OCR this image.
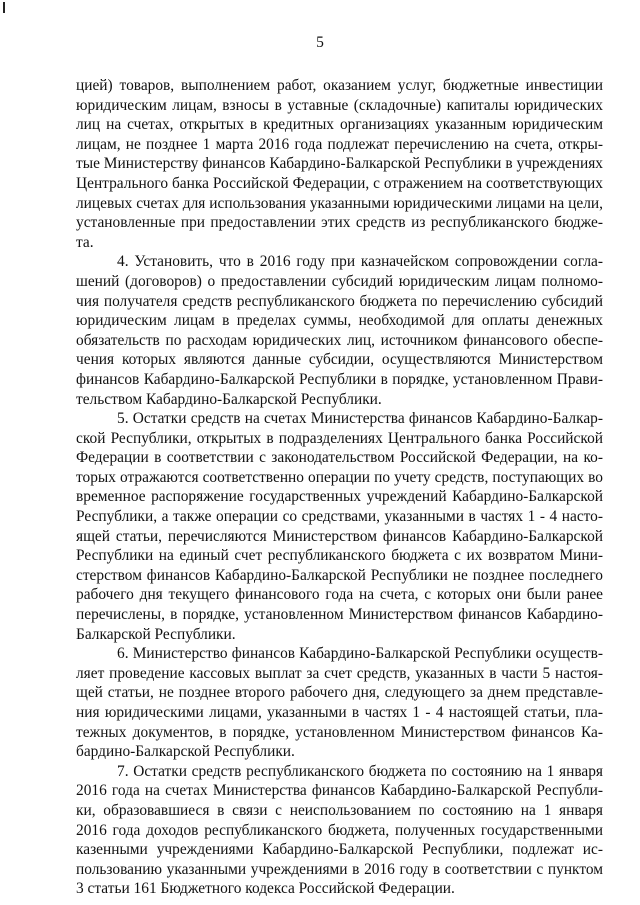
5
цией) товаров, выполнением работ, оказанием услуг, бюджетные инвестиции
юридическим лицам, взносы в уставные (складочные) капиталы юридических
лиц на счетах, открытых в кредитных организациях указанным юридическим
лицам, не позднее 1 марта 2016 года подлежат перечислению на счета, откры-
тые Министерству финансов Кабардино-Балкарской Республики в учреждениях
Центрального банка Российской Федерации, с отражением на соответствующих
лицевых счетах для использования указанными юридическими лицами на цели,
установленные при предоставлении этих средств из республиканского бюдже-
та.
4. Установить, что в 2016 году при казначейском сопровождении согла-
шений (договоров) о предоставлении субсидий юридическим лицам полномо-
чия получателя средств республиканского бюджета по перечислению субсидий
юридическим лицам в пределах суммы, необходимой для оплаты денежных
обязательств по расходам юридических лиц, источником финансового обеспе-
чения которых являются данные субсидии, осуществляются Министерством
финансов Кабардино-Балкарской Республики в порядке, установленном Прави-
тельством Кабардино-Балкарской Республики.
5. Остатки средств на счетах Министерства финансов Кабардино-Балкар-
ской Республики, открытых в подразделениях Центрального банка Российской
Федерации в соответствии с законодательством Российской Федерации, на ко-
торых отражаются соответственно операции по учету средств, поступающих во
временное распоряжение государственных учреждений Кабардино-Балкарской
Республики, а также операции со средствами, указанными в частях 1 - 4 насто-
ящей статьи, перечисляются Министерством финансов Кабардино-Балкарской
Республики на единый счет республиканского бюджета с их возвратом Мини-
стерством финансов Кабардино-Балкарской Республики не позднее последнего
рабочего дня текущего финансового года на счета, с которых они были ранее
перечислены, в порядке, установленном Министерством финансов Кабардино-
Балкарской Республики.
6. Министерство финансов Кабардино-Балкарской Республики осуществ-
ляет проведение кассовых выплат за счет средств, указанных в части 5 настоя-
щей статьи, не позднее второго рабочего дня, следующего за днем представле-
ния юридическими лицами, указанными в частях 1 - 4 настоящей статьи, пла-
тежных документов, в порядке, установленном Министерством финансов Ка-
бардино-Балкарской Республики.
7. Остатки средств республиканского бюджета по состоянию на 1 января
2016 года на счетах Министерства финансов Кабардино-Балкарской Республи-
ки, образовавшиеся в связи с неиспользованием по состоянию на 1 января
2016 года доходов республиканского бюджета, полученных государственными
казенными учреждениями Кабардино-Балкарской Республики, подлежат ис-
пользованию указанными учреждениями в 2016 году в соответствии с пунктом
3 статьи 161 Бюджетного кодекса Российской Федерации.
